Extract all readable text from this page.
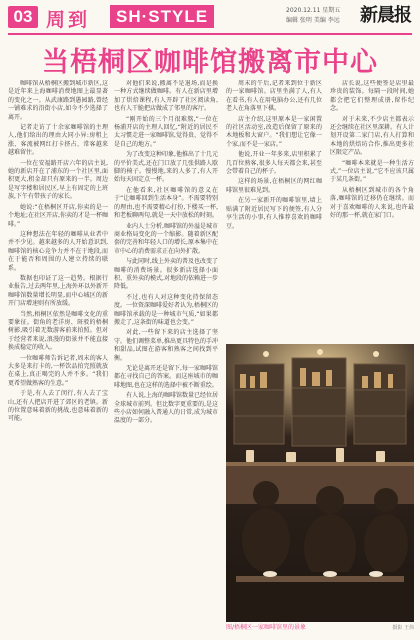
03 周到	SH·STYLE	2020.12.11 星期五
编辑 张明 美编 李远	新晨报
当梧桐区咖啡馆搬离市中心

咖啡馆从梧桐区搬到城市新区,这是近年来上海咖啡消费地图上最显著的变化之一。从武康路到愚园路,曾经一铺难求的沿街小店,如今不少选择了离开。

记者走访了十余家咖啡馆的主理人,他们给出的理由大同小异:房租上涨、客流被网红打卡挤占、常客越来越难留住。

一位在安福路开店六年的店主说,她的新店开在了浦东的一个社区里,面积更大,租金却只有原来的一半。周边是写字楼和居民区,早上有固定的上班族,下午有带孩子的家长。

她说:“在梧桐区开店,你卖的是一个地址;在社区开店,你卖的才是一杯咖啡。”

这种想法在年轻的咖啡从业者中并不少见。越来越多的人开始意识到,咖啡馆的核心竞争力并不在于地段,而在于能否和周围的人建立持续的联系。

数据也印证了这一趋势。根据行业报告,过去两年里,上海外环以外新开咖啡馆数量增长明显,而中心城区的新开门店增速则有所放缓。

当然,梧桐区依然是咖啡文化的重要象征。街角的老洋房、斑驳的梧桐树影,吸引着无数游客前来拍照。但对于经营者来说,浪漫的街景并不能直接换成稳定的收入。

一位咖啡师告诉记者,周末的客人大多是来打卡的,一杯饮品拍完照就放在桌上,真正喝完的人并不多。“我们更希望做熟客的生意。”

于是,有人去了闵行,有人去了宝山,还有人把店开进了郊区的老镇。新的位置意味着新的挑战,也意味着新的可能。

对他们来说,搬离不是退场,而是换一种方式继续做咖啡。有人在新店里增加了烘焙课程,有人开辟了社区阅读角,也有人干脆把店做成了邻里的客厅。

“刚开始的三个月很难熬,”一位在杨浦开店的主理人回忆,“附近的居民不太习惯走进一家咖啡馆,觉得贵、觉得不是自己的地方。”

为了改变这种印象,他推出了十几元的平价美式,还在门口放了几张供路人歇脚的椅子。慢慢地,来的人多了,有人开始每天固定点一杯。

在他看来,社区咖啡馆的意义在于“让咖啡回到生活本身”。不需要特别的理由,也不需要精心打扮,下楼买一杯,和老板聊两句,就是一天中放松的时刻。

业内人士分析,咖啡馆的外溢是城市商业格局变化的一个缩影。随着新区配套的完善和年轻人口的增长,原本集中在市中心的消费需求正在向外扩散。

与此同时,线上外卖的普及也改变了咖啡的消费场景。很多新店选择小面积、重外卖的模式,对地段的依赖进一步降低。

不过,也有人对这种变化持保留态度。一位资深咖啡爱好者认为,梧桐区的咖啡馆承载的是一种城市气质,“如果都搬走了,这条街的味道也会变。”

对此,一些留下来的店主选择了坚守。他们调整菜单,推出更具特色的手冲和甜品,试图在游客和熟客之间找到平衡。

无论是离开还是留下,每一家咖啡馆都在寻找自己的答案。而这座城市的咖啡地图,也在这样的选择中被不断重绘。

有人说,上海的咖啡馆数量已经位居全球城市前列。但比数字更重要的,是这些小店如何融入普通人的日常,成为城市温度的一部分。

周末的午后,记者来到位于新区的一家咖啡馆。店里坐满了人,有人在看书,有人在用电脑办公,还有几位老人在角落里下棋。

店主介绍,这里原本是一家闲置的社区活动室,改造后保留了原来的木地板和大窗户。“我们想让它像一个家,而不是一家店。”

他说,开业一年多来,店里积累了几百位熟客,很多人每天都会来,甚至会带着自己的杯子。

这样的场景,在梧桐区的网红咖啡馆里很难见到。

在另一家新开的咖啡馆里,墙上贴满了附近居民写下的便签,有人分享生活的小事,有人推荐喜欢的咖啡豆。

店长说,这些便签是店里最珍贵的装饰。每隔一段时间,她都会把它们整理成册,留作纪念。

对于未来,不少店主都表示还会继续在社区里深耕。有人计划开设第二家门店,有人打算和本地的烘焙坊合作,推出更多社区限定产品。

“咖啡本来就是一种生活方式,”一位店主说,“它不应该只属于某几条街。”

从梧桐区到城市的各个角落,咖啡馆的迁移仍在继续。而对于喜欢咖啡的人来说,也许最好的那一杯,就在家门口。

图/梧桐区一家咖啡馆里的景象	摄影 王伟
